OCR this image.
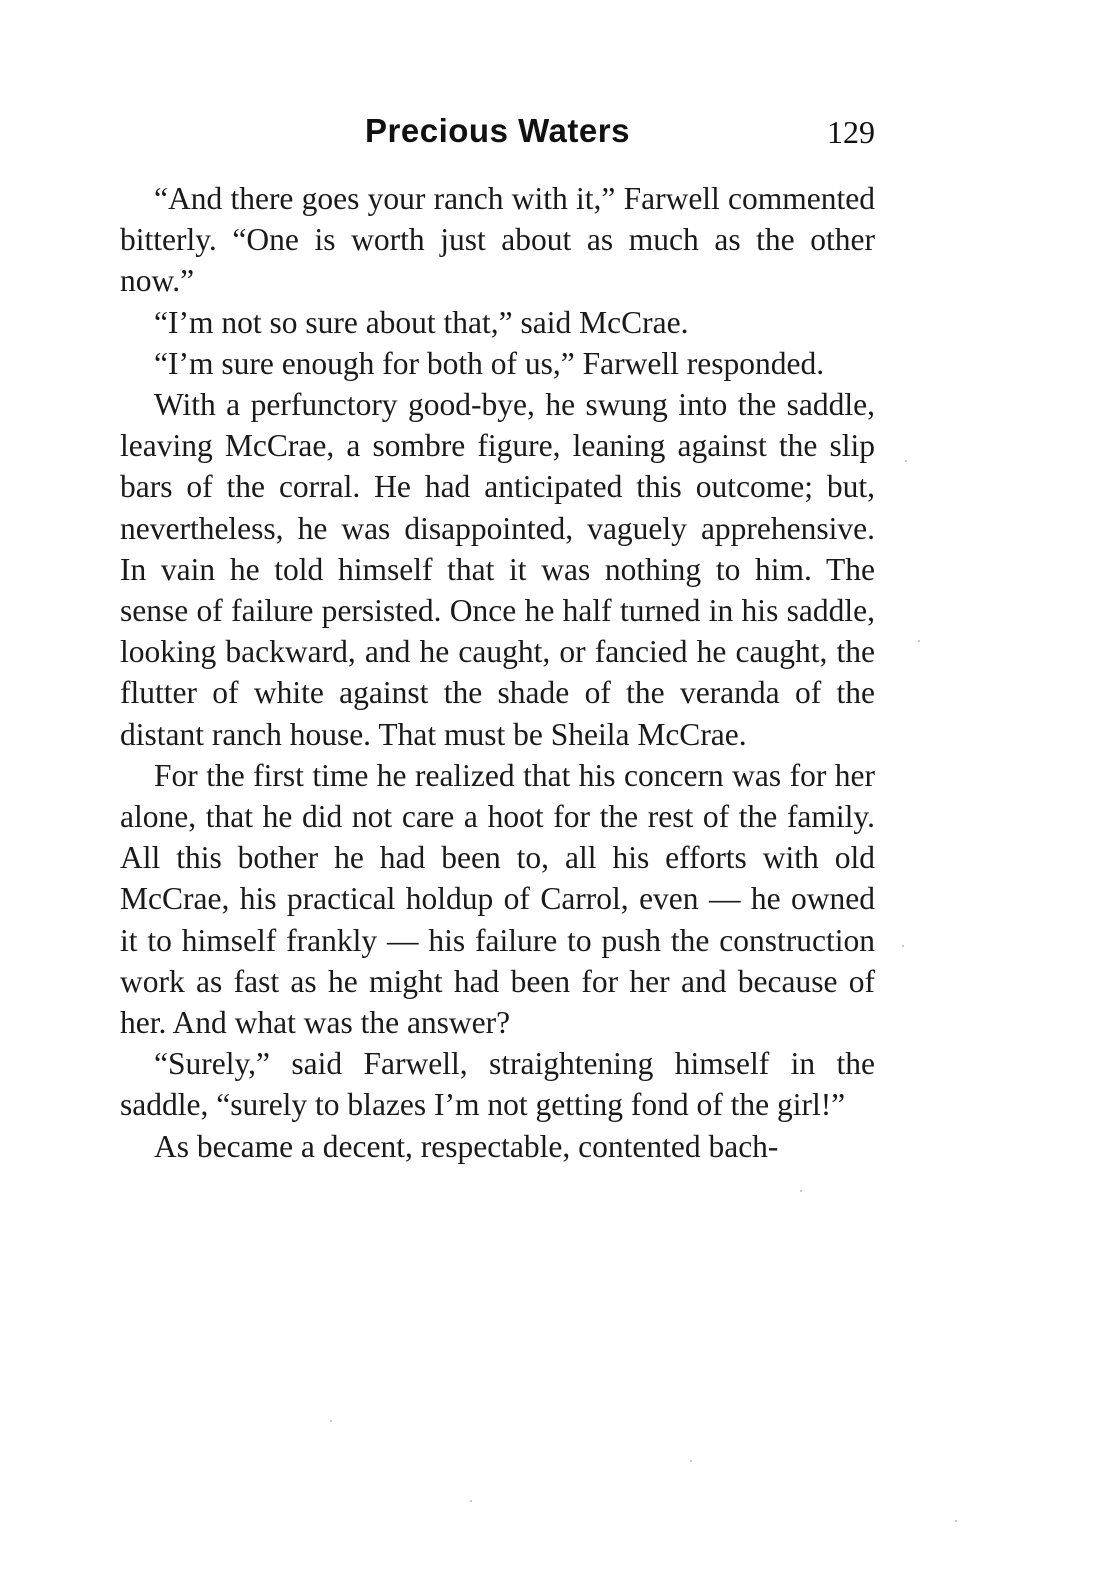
Precious Waters	129

“And there goes your ranch with it,” Farwell commented bitterly. “One is worth just about as much as the other now.”

“I’m not so sure about that,” said McCrae.

“I’m sure enough for both of us,” Farwell responded.

With a perfunctory good-bye, he swung into the saddle, leaving McCrae, a sombre figure, leaning against the slip bars of the corral. He had anticipated this outcome; but, nevertheless, he was disappointed, vaguely apprehensive. In vain he told himself that it was nothing to him. The sense of failure persisted. Once he half turned in his saddle, looking backward, and he caught, or fancied he caught, the flutter of white against the shade of the veranda of the distant ranch house. That must be Sheila McCrae.

For the first time he realized that his concern was for her alone, that he did not care a hoot for the rest of the family. All this bother he had been to, all his efforts with old McCrae, his practical holdup of Carrol, even — he owned it to himself frankly — his failure to push the construction work as fast as he might had been for her and because of her. And what was the answer?

“Surely,” said Farwell, straightening himself in the saddle, “surely to blazes I’m not getting fond of the girl!”

As became a decent, respectable, contented bach-
